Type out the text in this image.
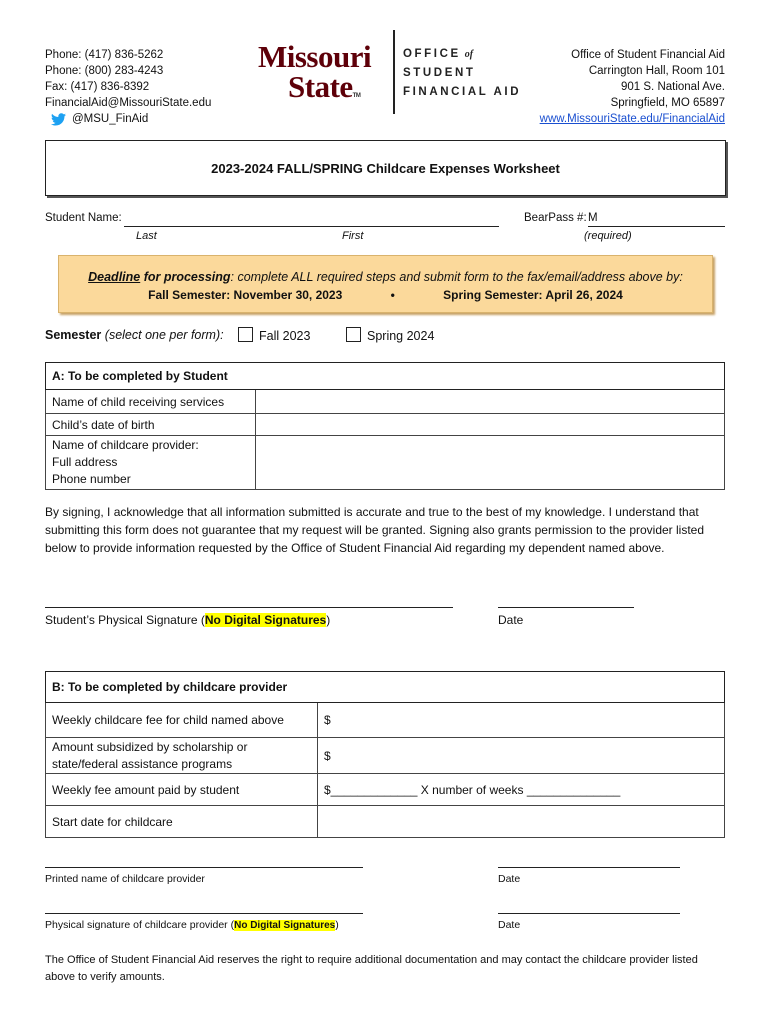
Phone: (417) 836-5262
Phone: (800) 283-4243
Fax: (417) 836-8392
FinancialAid@MissouriState.edu
@MSU_FinAid
Missouri
StateTM
OFFICE of
STUDENT
FINANCIAL AID
Office of Student Financial Aid
Carrington Hall, Room 101
901 S. National Ave.
Springfield, MO 65897
www.MissouriState.edu/FinancialAid
2023-2024 FALL/SPRING Childcare Expenses Worksheet
Student Name:
Last	First
BearPass #: M
(required)
Deadline for processing: complete ALL required steps and submit form to the fax/email/address above by:
Fall Semester: November 30, 2023	•	Spring Semester: April 26, 2024
Semester (select one per form):	Fall 2023	Spring 2024
A: To be completed by Student	
Name of child receiving services	
Child’s date of birth	

Name of childcare provider:
Full address
Phone number	

By signing, I acknowledge that all information submitted is accurate and true to the best of my knowledge. I understand that submitting this form does not guarantee that my request will be granted. Signing also grants permission to the provider listed below to provide information requested by the Office of Student Financial Aid regarding my dependent named above.
Student’s Physical Signature (No Digital Signatures)	Date
B: To be completed by childcare provider	
Weekly childcare fee for child named above	$

Amount subsidized by scholarship or
state/federal assistance programs	$
Weekly fee amount paid by student	$_____________ X number of weeks ______________
Start date for childcare	
Printed name of childcare provider	Date
Physical signature of childcare provider (No Digital Signatures)	Date
The Office of Student Financial Aid reserves the right to require additional documentation and may contact the childcare provider listed above to verify amounts.
